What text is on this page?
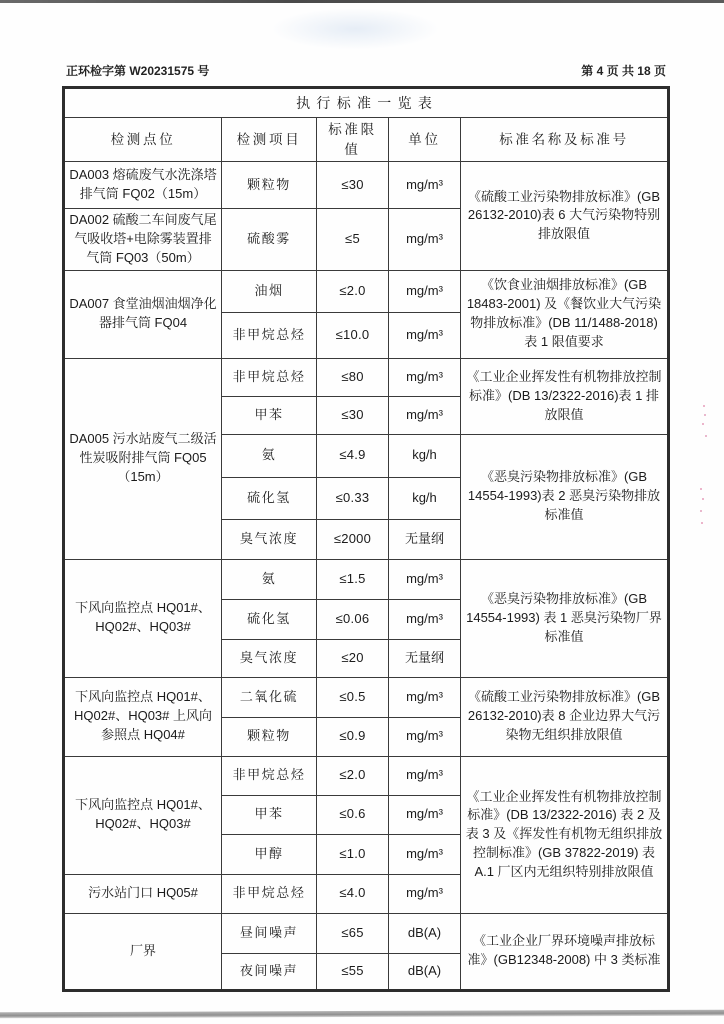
正环检字第 W20231575 号	第 4 页 共 18 页
执行标准一览表				
检测点位	检测项目	标准限值	单位	标准名称及标准号
DA003 熔硫废气水洗涤塔排气筒 FQ02（15m）	颗粒物	≤30	mg/m³	《硫酸工业污染物排放标准》(GB 26132-2010)表 6 大气污染物特别排放限值
DA002 硫酸二车间废气尾气吸收塔+电除雾装置排气筒 FQ03（50m）	硫酸雾	≤5	mg/m³	
DA007 食堂油烟油烟净化器排气筒 FQ04	油烟	≤2.0	mg/m³	《饮食业油烟排放标准》(GB 18483-2001) 及《餐饮业大气污染物排放标准》(DB 11/1488-2018) 表 1 限值要求
	非甲烷总烃	≤10.0	mg/m³	
DA005 污水站废气二级活性炭吸附排气筒 FQ05（15m）	非甲烷总烃	≤80	mg/m³	《工业企业挥发性有机物排放控制标准》(DB 13/2322-2016)表 1 排放限值
	甲苯	≤30	mg/m³	
	氨	≤4.9	kg/h	《恶臭污染物排放标准》(GB 14554-1993)表 2 恶臭污染物排放标准值
	硫化氢	≤0.33	kg/h	
	臭气浓度	≤2000	无量纲	
下风向监控点 HQ01#、HQ02#、HQ03#	氨	≤1.5	mg/m³	《恶臭污染物排放标准》(GB 14554-1993) 表 1 恶臭污染物厂界标准值
	硫化氢	≤0.06	mg/m³	
	臭气浓度	≤20	无量纲	
下风向监控点 HQ01#、HQ02#、HQ03# 上风向参照点 HQ04#	二氧化硫	≤0.5	mg/m³	《硫酸工业污染物排放标准》(GB 26132-2010)表 8 企业边界大气污染物无组织排放限值
	颗粒物	≤0.9	mg/m³	
下风向监控点 HQ01#、HQ02#、HQ03#	非甲烷总烃	≤2.0	mg/m³	《工业企业挥发性有机物排放控制标准》(DB 13/2322-2016) 表 2 及表 3 及《挥发性有机物无组织排放控制标准》(GB 37822-2019) 表 A.1 厂区内无组织特别排放限值
	甲苯	≤0.6	mg/m³	
	甲醇	≤1.0	mg/m³	
污水站门口 HQ05#	非甲烷总烃	≤4.0	mg/m³	
厂界	昼间噪声	≤65	dB(A)	《工业企业厂界环境噪声排放标准》(GB12348-2008) 中 3 类标准
	夜间噪声	≤55	dB(A)	
